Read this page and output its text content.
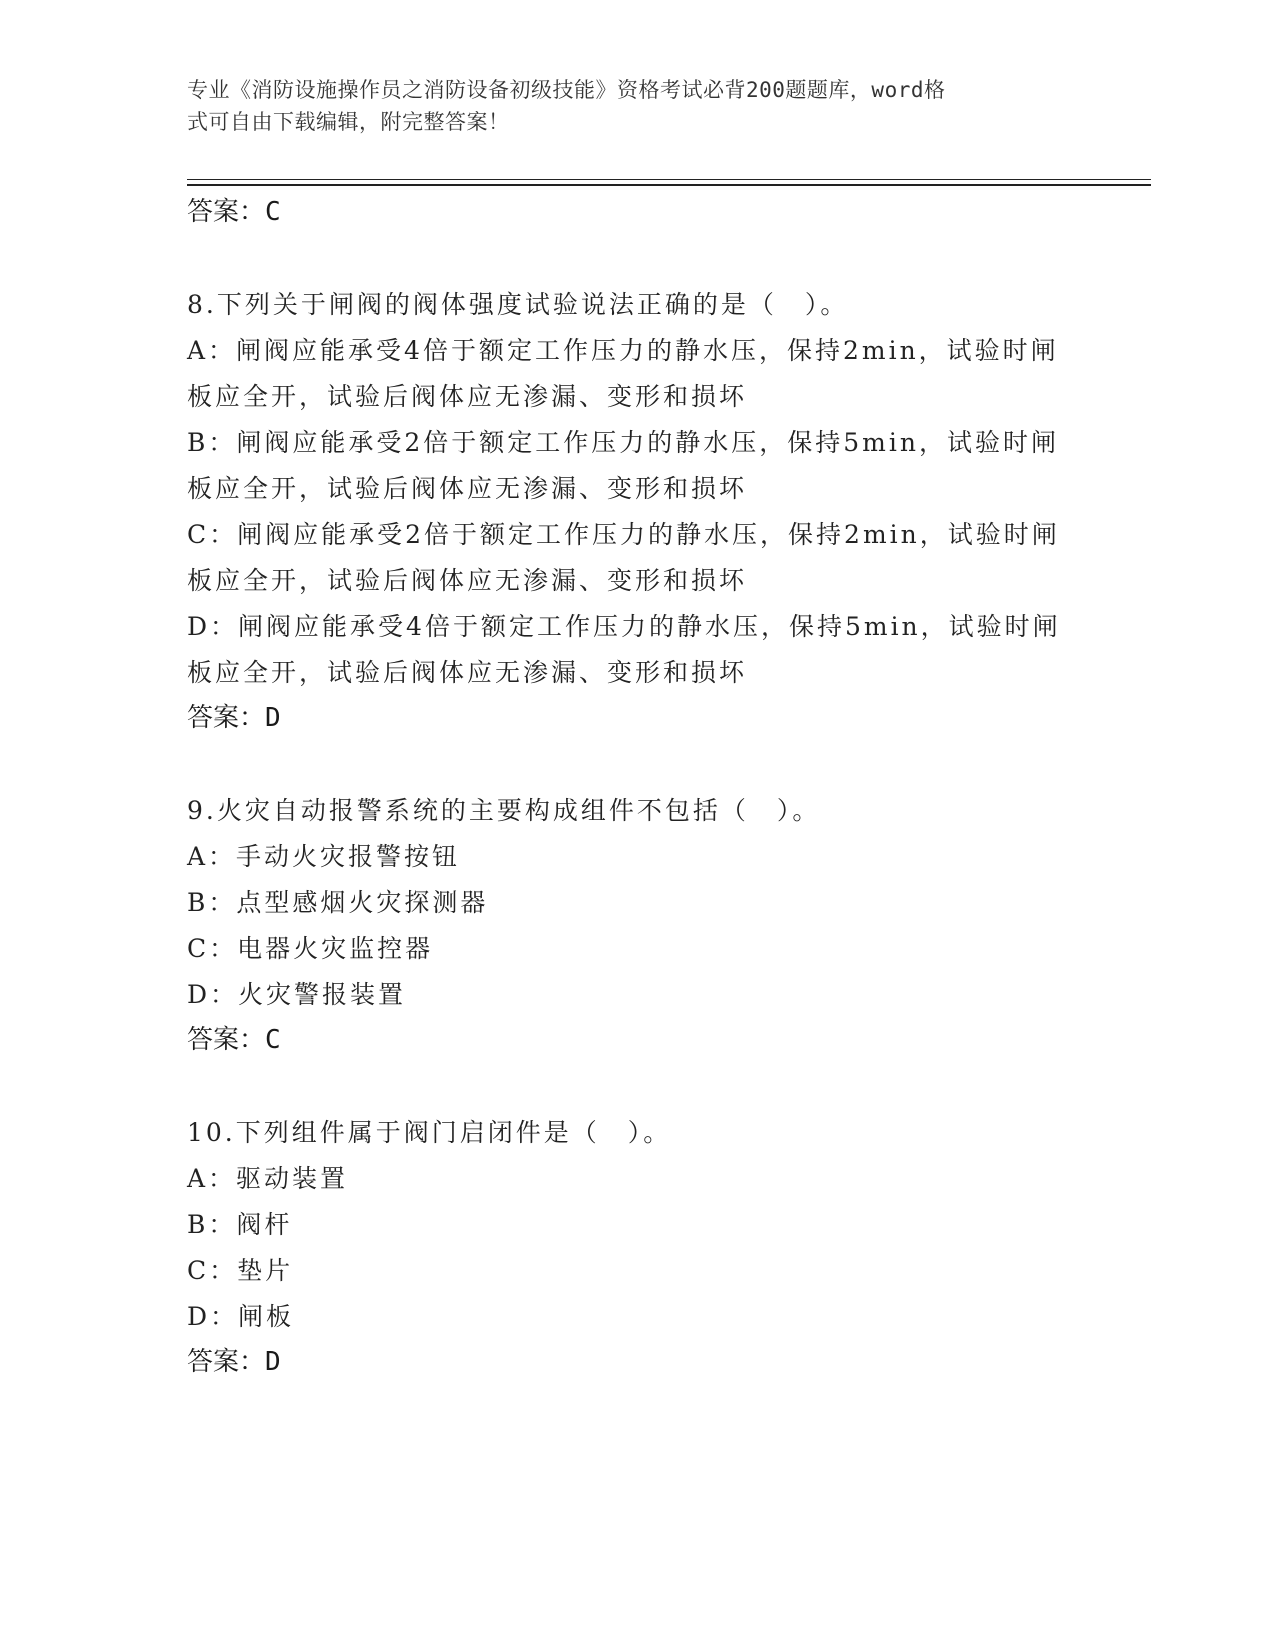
专业《消防设施操作员之消防设备初级技能》资格考试必背200题题库，word格
式可自由下载编辑，附完整答案！
答案：C
8.下列关于闸阀的阀体强度试验说法正确的是（　）。
A：闸阀应能承受4倍于额定工作压力的静水压，保持2min，试验时闸
板应全开，试验后阀体应无渗漏、变形和损坏
B：闸阀应能承受2倍于额定工作压力的静水压，保持5min，试验时闸
板应全开，试验后阀体应无渗漏、变形和损坏
C：闸阀应能承受2倍于额定工作压力的静水压，保持2min，试验时闸
板应全开，试验后阀体应无渗漏、变形和损坏
D：闸阀应能承受4倍于额定工作压力的静水压，保持5min，试验时闸
板应全开，试验后阀体应无渗漏、变形和损坏
答案：D
9.火灾自动报警系统的主要构成组件不包括（　）。
A：手动火灾报警按钮
B：点型感烟火灾探测器
C：电器火灾监控器
D：火灾警报装置
答案：C
10.下列组件属于阀门启闭件是（　）。
A：驱动装置
B：阀杆
C：垫片
D：闸板
答案：D
